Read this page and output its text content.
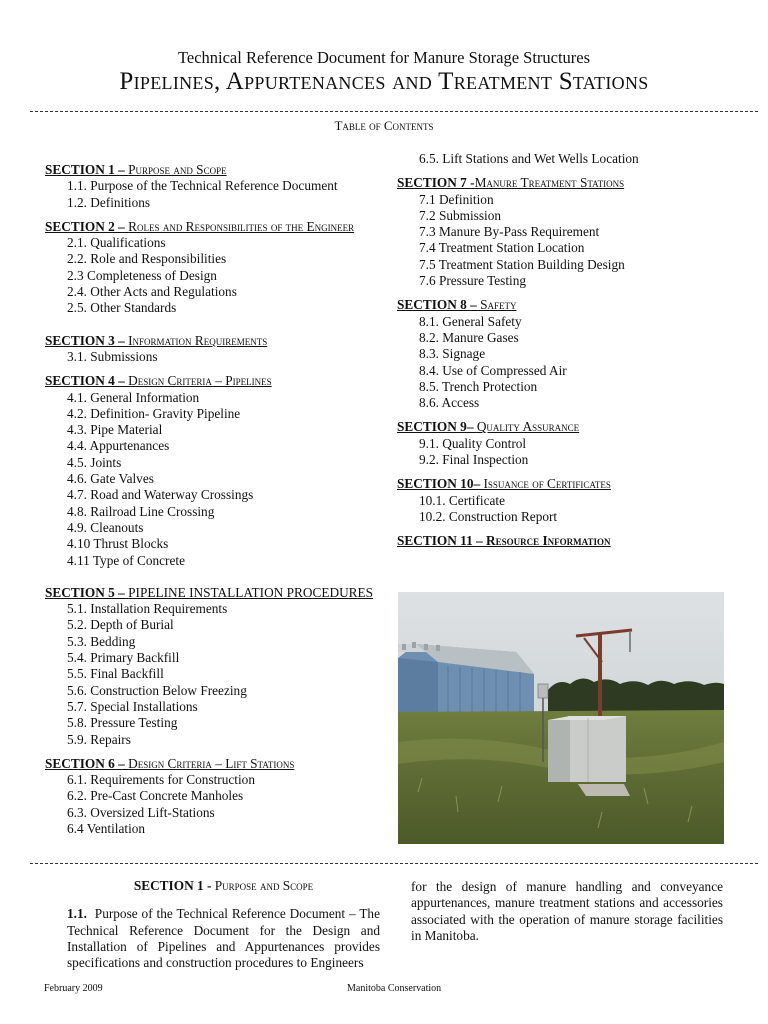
Technical Reference Document for Manure Storage Structures
Pipelines, Appurtenances and Treatment Stations
Table of Contents
SECTION 1 – Purpose and Scope
1.1. Purpose of the Technical Reference Document
1.2. Definitions
SECTION 2 – Roles and Responsibilities of the Engineer
2.1. Qualifications
2.2. Role and Responsibilities
2.3 Completeness of Design
2.4. Other Acts and Regulations
2.5. Other Standards
SECTION 3 – Information Requirements
3.1. Submissions
SECTION 4 – Design Criteria – Pipelines
4.1. General Information
4.2. Definition- Gravity Pipeline
4.3. Pipe Material
4.4. Appurtenances
4.5. Joints
4.6. Gate Valves
4.7. Road and Waterway Crossings
4.8. Railroad Line Crossing
4.9. Cleanouts
4.10 Thrust Blocks
4.11 Type of Concrete
SECTION 5 – PIPELINE INSTALLATION PROCEDURES
5.1. Installation Requirements
5.2. Depth of Burial
5.3. Bedding
5.4. Primary Backfill
5.5. Final Backfill
5.6. Construction Below Freezing
5.7. Special Installations
5.8. Pressure Testing
5.9. Repairs
SECTION 6 – Design Criteria – Lift Stations
6.1. Requirements for Construction
6.2. Pre-Cast Concrete Manholes
6.3. Oversized Lift-Stations
6.4 Ventilation
6.5. Lift Stations and Wet Wells Location
SECTION 7 -Manure Treatment Stations
7.1 Definition
7.2 Submission
7.3 Manure By-Pass Requirement
7.4 Treatment Station Location
7.5 Treatment Station Building Design
7.6 Pressure Testing
SECTION 8 – Safety
8.1. General Safety
8.2. Manure Gases
8.3. Signage
8.4. Use of Compressed Air
8.5. Trench Protection
8.6. Access
SECTION 9– Quality Assurance
9.1. Quality Control
9.2. Final Inspection
SECTION 10– Issuance of Certificates
10.1. Certificate
10.2. Construction Report
SECTION 11 – Resource Information
SECTION 1 - Purpose and Scope
1.1. Purpose of the Technical Reference Document – The Technical Reference Document for the Design and Installation of Pipelines and Appurtenances provides specifications and construction procedures to Engineers
for the design of manure handling and conveyance appurtenances, manure treatment stations and accessories associated with the operation of manure storage facilities in Manitoba.
February 2009	Manitoba Conservation
